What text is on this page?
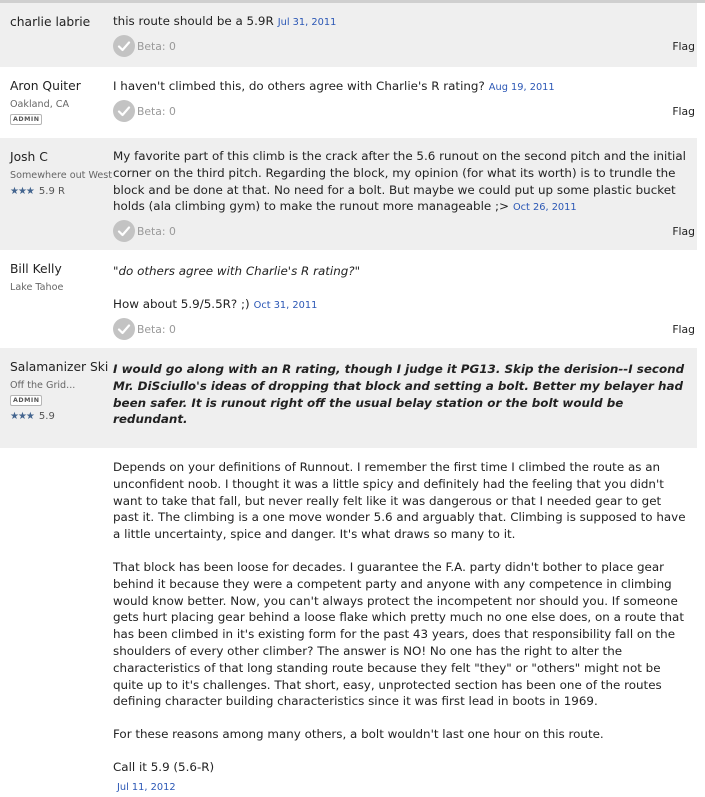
charlie labrie	this route should be a 5.9R Jul 31, 2011
Beta: 0	Flag
Aron Quiter
Oakland, CA
ADMIN
I haven't climbed this, do others agree with Charlie's R rating? Aug 19, 2011
Beta: 0	Flag
Josh C
Somewhere out West
★★★ 5.9 R
My favorite part of this climb is the crack after the 5.6 runout on the second pitch and the initial corner on the third pitch. Regarding the block, my opinion (for what its worth) is to trundle the block and be done at that. No need for a bolt. But maybe we could put up some plastic bucket holds (ala climbing gym) to make the runout more manageable ;> Oct 26, 2011
Beta: 0	Flag
Bill Kelly
Lake Tahoe

"do others agree with Charlie's R rating?"

How about 5.9/5.5R? ;) Oct 31, 2011

Beta: 0	Flag
Salamanizer Ski
Off the Grid...
ADMIN
★★★ 5.9

I would go along with an R rating, though I judge it PG13. Skip the derision--I second Mr. DiSciullo's ideas of dropping that block and setting a bolt. Better my belayer had been safer. It is runout right off the usual belay station or the bolt would be redundant.

Depends on your definitions of Runnout. I remember the first time I climbed the route as an unconfident noob. I thought it was a little spicy and definitely had the feeling that you didn't want to take that fall, but never really felt like it was dangerous or that I needed gear to get past it. The climbing is a one move wonder 5.6 and arguably that. Climbing is supposed to have a little uncertainty, spice and danger. It's what draws so many to it.

That block has been loose for decades. I guarantee the F.A. party didn't bother to place gear behind it because they were a competent party and anyone with any competence in climbing would know better. Now, you can't always protect the incompetent nor should you. If someone gets hurt placing gear behind a loose flake which pretty much no one else does, on a route that has been climbed in it's existing form for the past 43 years, does that responsibility fall on the shoulders of every other climber? The answer is NO! No one has the right to alter the characteristics of that long standing route because they felt "they" or "others" might not be quite up to it's challenges. That short, easy, unprotected section has been one of the routes defining character building characteristics since it was first lead in boots in 1969.

For these reasons among many others, a bolt wouldn't last one hour on this route.

Call it 5.9 (5.6-R)

Jul 11, 2012
